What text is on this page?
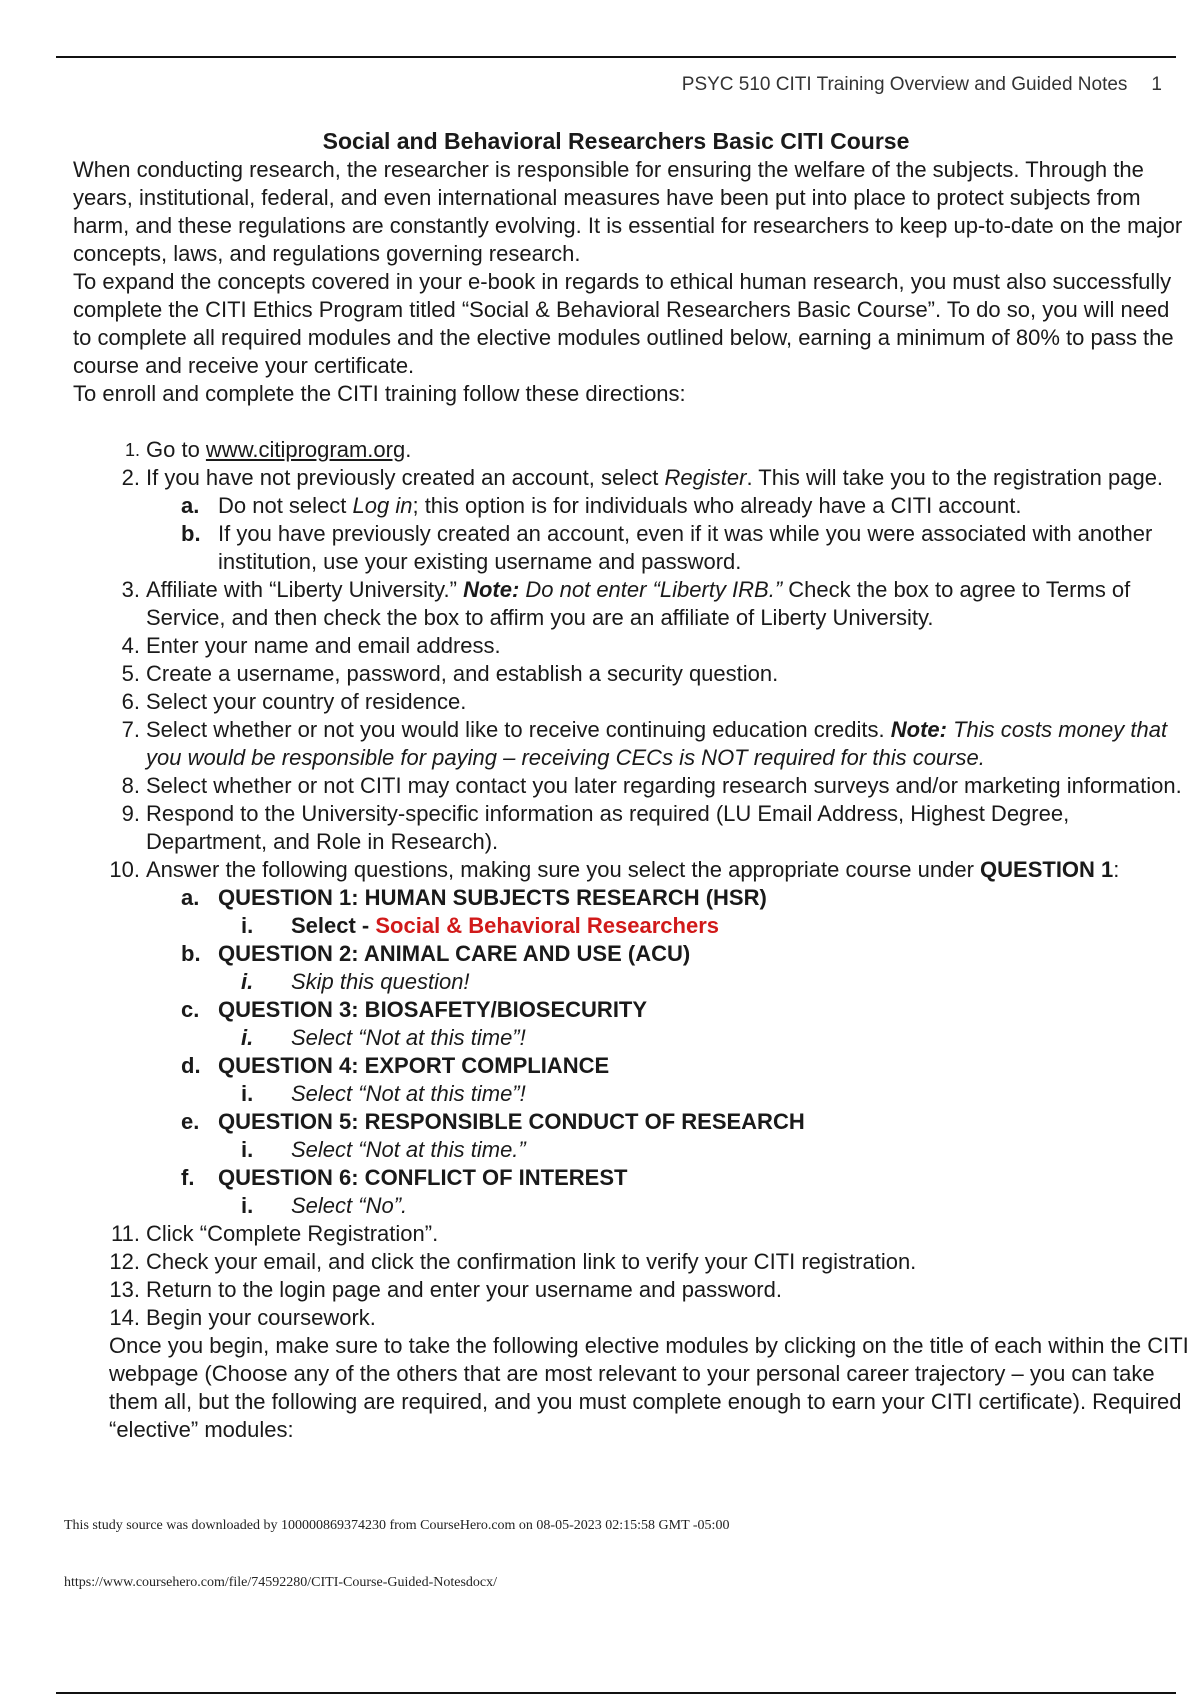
PSYC 510 CITI Training Overview and Guided Notes 1
Social and Behavioral Researchers Basic CITI Course

When conducting research, the researcher is responsible for ensuring the welfare of the subjects. Through the years, institutional, federal, and even international measures have been put into place to protect subjects from harm, and these regulations are constantly evolving. It is essential for researchers to keep up-to-date on the major concepts, laws, and regulations governing research.

To expand the concepts covered in your e-book in regards to ethical human research, you must also successfully complete the CITI Ethics Program titled “Social & Behavioral Researchers Basic Course”. To do so, you will need to complete all required modules and the elective modules outlined below, earning a minimum of 80% to pass the course and receive your certificate.

To enroll and complete the CITI training follow these directions:

1. Go to www.citiprogram.org.
2. If you have not previously created an account, select Register. This will take you to the registration page.
a. Do not select Log in; this option is for individuals who already have a CITI account.
b. If you have previously created an account, even if it was while you were associated with another institution, use your existing username and password.
3. Affiliate with “Liberty University.” Note: Do not enter “Liberty IRB.” Check the box to agree to Terms of Service, and then check the box to affirm you are an affiliate of Liberty University.
4. Enter your name and email address.
5. Create a username, password, and establish a security question.
6. Select your country of residence.
7. Select whether or not you would like to receive continuing education credits. Note: This costs money that you would be responsible for paying – receiving CECs is NOT required for this course.
8. Select whether or not CITI may contact you later regarding research surveys and/or marketing information.
9. Respond to the University-specific information as required (LU Email Address, Highest Degree, Department, and Role in Research).
10. Answer the following questions, making sure you select the appropriate course under QUESTION 1:
a. QUESTION 1: HUMAN SUBJECTS RESEARCH (HSR)
i. Select - Social & Behavioral Researchers
b. QUESTION 2: ANIMAL CARE AND USE (ACU)
i. Skip this question!
c. QUESTION 3: BIOSAFETY/BIOSECURITY
i. Select “Not at this time”!
d. QUESTION 4: EXPORT COMPLIANCE
i. Select “Not at this time”!
e. QUESTION 5: RESPONSIBLE CONDUCT OF RESEARCH
i. Select “Not at this time.”
f. QUESTION 6: CONFLICT OF INTEREST
i. Select “No”.
11. Click “Complete Registration”.
12. Check your email, and click the confirmation link to verify your CITI registration.
13. Return to the login page and enter your username and password.
14. Begin your coursework.

Once you begin, make sure to take the following elective modules by clicking on the title of each within the CITI webpage (Choose any of the others that are most relevant to your personal career trajectory – you can take them all, but the following are required, and you must complete enough to earn your CITI certificate). Required “elective” modules:

This study source was downloaded by 100000869374230 from CourseHero.com on 08-05-2023 02:15:58 GMT -05:00
https://www.coursehero.com/file/74592280/CITI-Course-Guided-Notesdocx/
